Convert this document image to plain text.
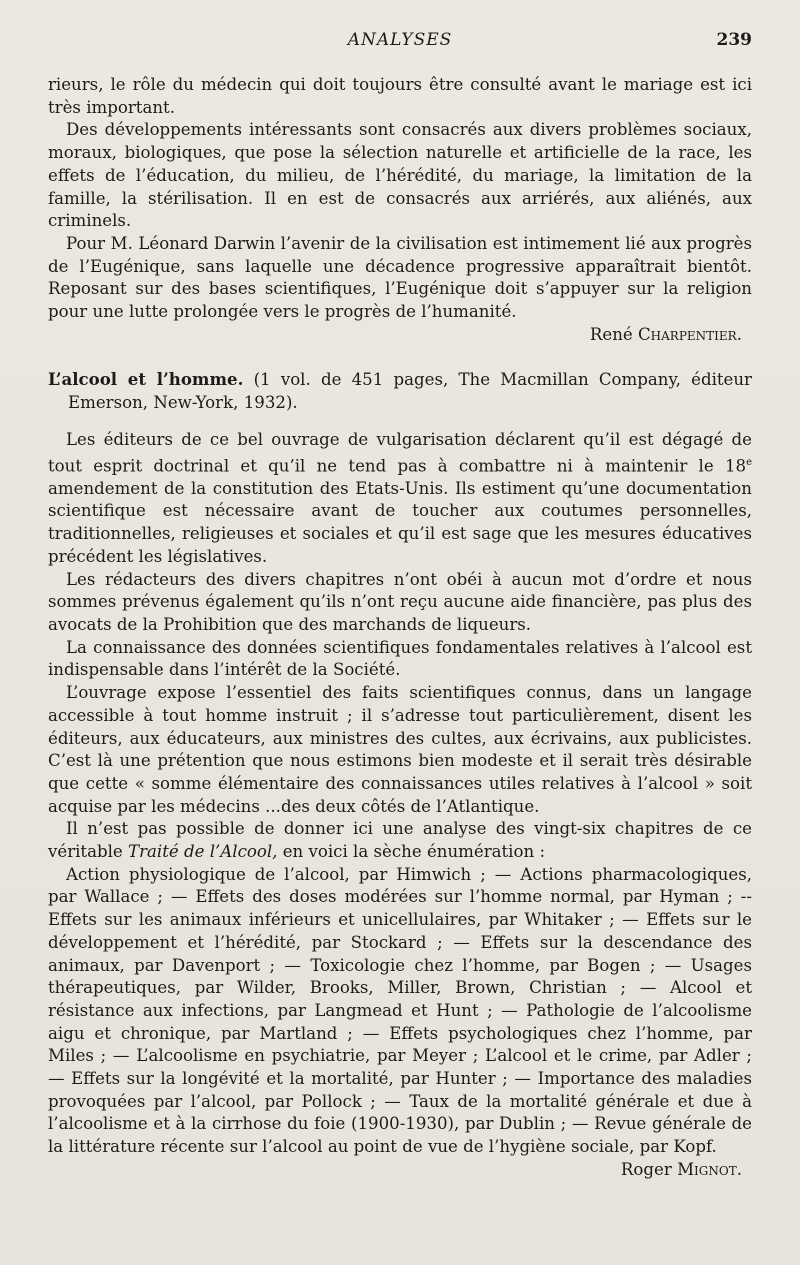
ANALYSES	239

rieurs, le rôle du médecin qui doit toujours être consulté avant le mariage est ici très important.

Des développements intéressants sont consacrés aux divers problèmes sociaux, moraux, biologiques, que pose la sélection naturelle et artificielle de la race, les effets de l’éducation, du milieu, de l’hérédité, du mariage, la limitation de la famille, la stérilisation. Il en est de consacrés aux arriérés, aux aliénés, aux criminels.

Pour M. Léonard Darwin l’avenir de la civilisation est intimement lié aux progrès de l’Eugénique, sans laquelle une décadence progressive apparaîtrait bientôt. Reposant sur des bases scientifiques, l’Eugénique doit s’appuyer sur la religion pour une lutte prolongée vers le progrès de l’humanité.

René Charpentier.

L’alcool et l’homme. (1 vol. de 451 pages, The Macmillan Company, éditeur Emerson, New-York, 1932).

Les éditeurs de ce bel ouvrage de vulgarisation déclarent qu’il est dégagé de tout esprit doctrinal et qu’il ne tend pas à combattre ni à maintenir le 18e amendement de la constitution des Etats-Unis. Ils estiment qu’une documentation scientifique est nécessaire avant de toucher aux coutumes personnelles, traditionnelles, religieuses et sociales et qu’il est sage que les mesures éducatives précédent les législatives.

Les rédacteurs des divers chapitres n’ont obéi à aucun mot d’ordre et nous sommes prévenus également qu’ils n’ont reçu aucune aide financière, pas plus des avocats de la Prohibition que des marchands de liqueurs.

La connaissance des données scientifiques fondamentales relatives à l’alcool est indispensable dans l’intérêt de la Société.

L’ouvrage expose l’essentiel des faits scientifiques connus, dans un langage accessible à tout homme instruit ; il s’adresse tout particulièrement, disent les éditeurs, aux éducateurs, aux ministres des cultes, aux écrivains, aux publicistes. C’est là une prétention que nous estimons bien modeste et il serait très désirable que cette « somme élémentaire des connaissances utiles relatives à l’alcool » soit acquise par les médecins ...des deux côtés de l’Atlantique.

Il n’est pas possible de donner ici une analyse des vingt-six chapitres de ce véritable Traité de l’Alcool, en voici la sèche énumération :

Action physiologique de l’alcool, par Himwich ; — Actions pharmacologiques, par Wallace ; — Effets des doses modérées sur l’homme normal, par Hyman ; -- Effets sur les animaux inférieurs et unicellulaires, par Whitaker ; — Effets sur le développement et l’hérédité, par Stockard ; — Effets sur la descendance des animaux, par Davenport ; — Toxicologie chez l’homme, par Bogen ; — Usages thérapeutiques, par Wilder, Brooks, Miller, Brown, Christian ; — Alcool et résistance aux infections, par Langmead et Hunt ; — Pathologie de l’alcoolisme aigu et chronique, par Martland ; — Effets psychologiques chez l’homme, par Miles ; — L’alcoolisme en psychiatrie, par Meyer ; L’alcool et le crime, par Adler ; — Effets sur la longévité et la mortalité, par Hunter ; — Importance des maladies provoquées par l’alcool, par Pollock ; — Taux de la mortalité générale et due à l’alcoolisme et à la cirrhose du foie (1900-1930), par Dublin ; — Revue générale de la littérature récente sur l’alcool au point de vue de l’hygiène sociale, par Kopf.

Roger Mignot.
